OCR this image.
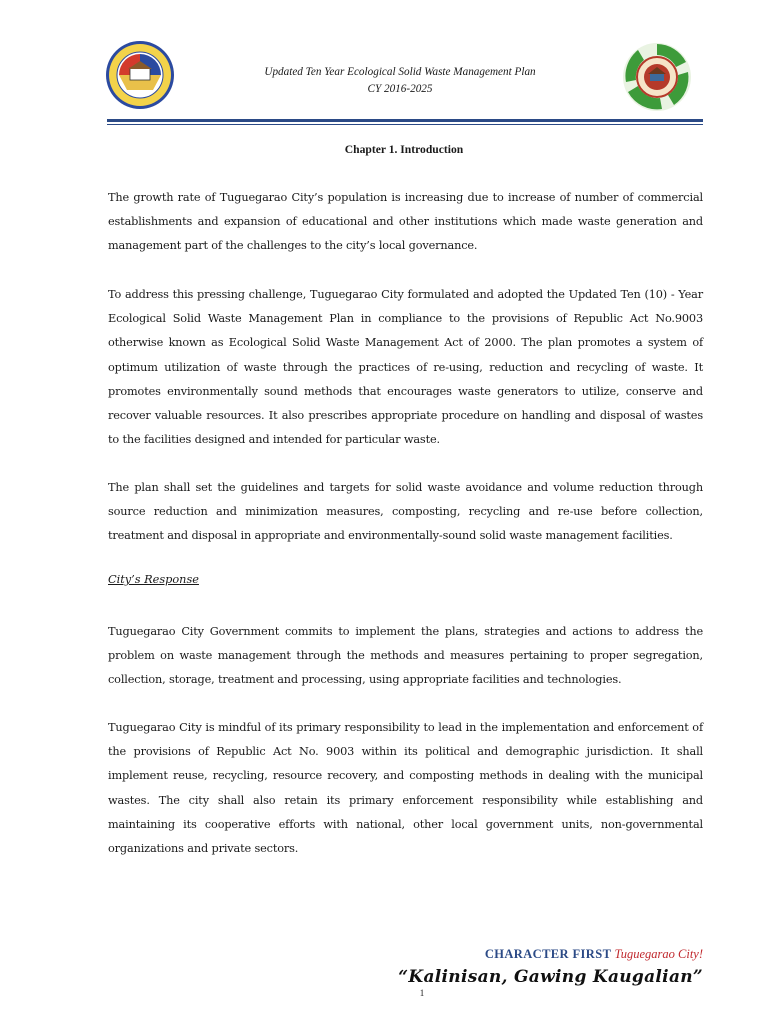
Updated Ten Year Ecological Solid Waste Management Plan
CY 2016-2025
Chapter 1. Introduction

The growth rate of Tuguegarao City’s population is increasing due to increase of number of commercial establishments and expansion of educational and other institutions which made waste generation and management part of the challenges to the city’s local governance.

To address this pressing challenge, Tuguegarao City formulated and adopted the Updated Ten (10) - Year Ecological Solid Waste Management Plan in compliance to the provisions of Republic Act No.9003 otherwise known as Ecological Solid Waste Management Act of 2000. The plan promotes a system of optimum utilization of waste through the practices of re-using, reduction and recycling of waste. It promotes environmentally sound methods that encourages waste generators to utilize, conserve and recover valuable resources. It also prescribes appropriate procedure on handling and disposal of wastes to the facilities designed and intended for particular waste.

The plan shall set the guidelines and targets for solid waste avoidance and volume reduction through source reduction and minimization measures, composting, recycling and re-use before collection, treatment and disposal in appropriate and environmentally-sound solid waste management facilities.

City’s Response

Tuguegarao City Government commits to implement the plans, strategies and actions to address the problem on waste management through the methods and measures pertaining to proper segregation, collection, storage, treatment and processing, using appropriate facilities and technologies.

Tuguegarao City is mindful of its primary responsibility to lead in the implementation and enforcement of the provisions of Republic Act No. 9003 within its political and demographic jurisdiction. It shall implement reuse, recycling, resource recovery, and composting methods in dealing with the municipal wastes. The city shall also retain its primary enforcement responsibility while establishing and maintaining its cooperative efforts with national, other local government units, non-governmental organizations and private sectors.

CHARACTER FIRST Tuguegarao City!
“Kalinisan, Gawing Kaugalian”
1
